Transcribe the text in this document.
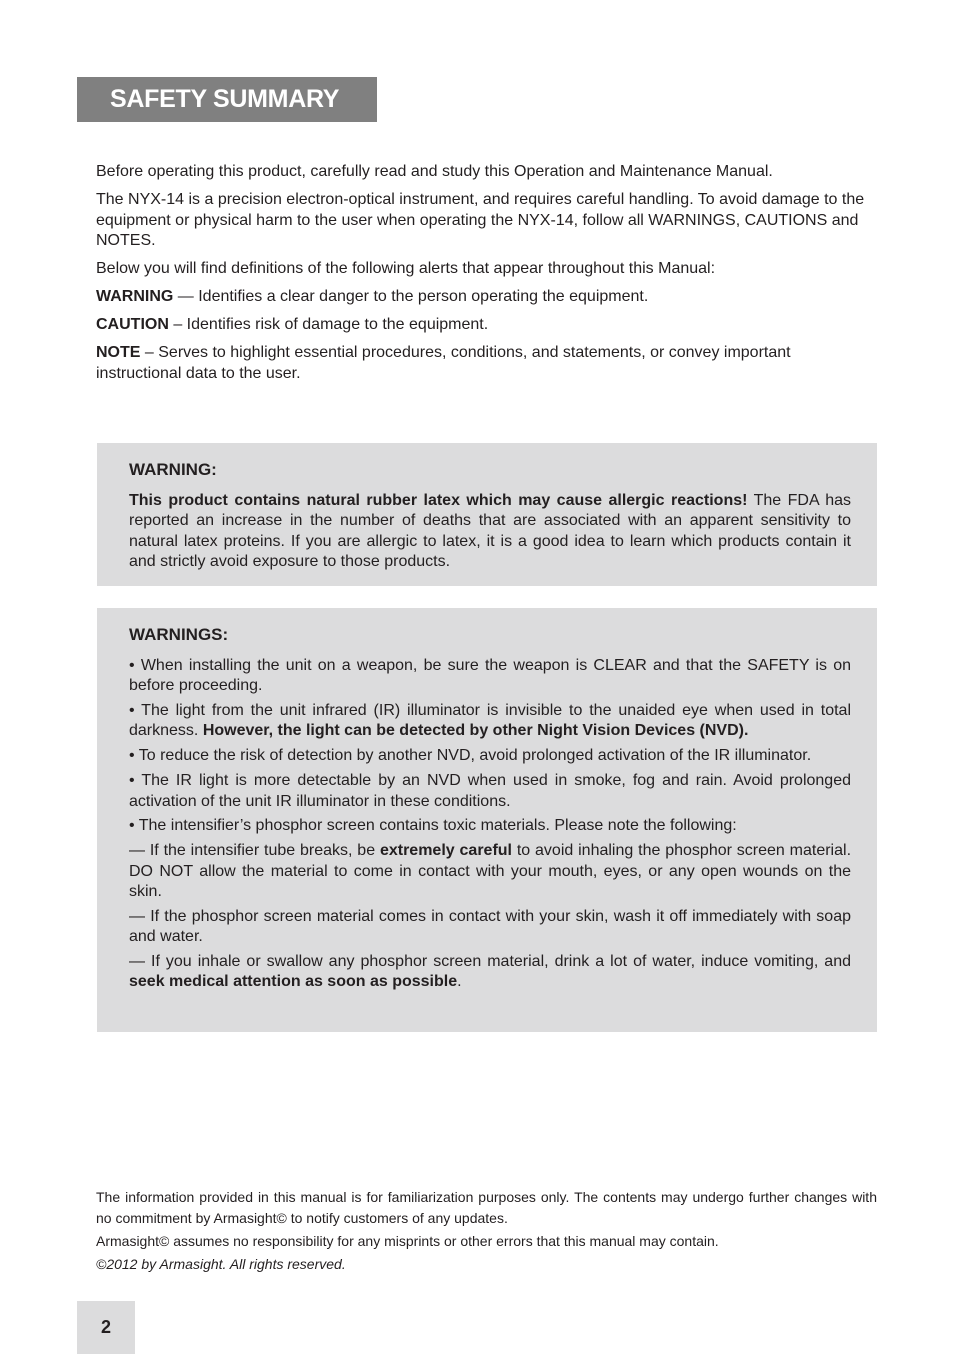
SAFETY SUMMARY

Before operating this product, carefully read and study this Operation and Maintenance Manual.

The NYX-14 is a precision electron-optical instrument, and requires careful handling. To avoid damage to the equipment or physical harm to the user when operating the NYX-14, follow all WARNINGS, CAUTIONS and NOTES.

Below you will find definitions of the following alerts that appear throughout this Manual:

WARNING — Identifies a clear danger to the person operating the equipment.

CAUTION – Identifies risk of damage to the equipment.

NOTE – Serves to highlight essential procedures, conditions, and statements, or convey important instructional data to the user.

WARNING:

This product contains natural rubber latex which may cause allergic reactions! The FDA has reported an increase in the number of deaths that are associated with an apparent sensitivity to natural latex proteins. If you are allergic to latex, it is a good idea to learn which products contain it and strictly avoid exposure to those products.

WARNINGS:

• When installing the unit on a weapon, be sure the weapon is CLEAR and that the SAFETY is on before proceeding.

• The light from the unit infrared (IR) illuminator is invisible to the unaided eye when used in total darkness. However, the light can be detected by other Night Vision Devices (NVD).

• To reduce the risk of detection by another NVD, avoid prolonged activation of the IR illuminator.

• The IR light is more detectable by an NVD when used in smoke, fog and rain. Avoid prolonged activation of the unit IR illuminator in these conditions.

• The intensifier’s phosphor screen contains toxic materials. Please note the following:

— If the intensifier tube breaks, be extremely careful to avoid inhaling the phosphor screen material. DO NOT allow the material to come in contact with your mouth, eyes, or any open wounds on the skin.

— If the phosphor screen material comes in contact with your skin, wash it off immediately with soap and water.

— If you inhale or swallow any phosphor screen material, drink a lot of water, induce vomiting, and seek medical attention as soon as possible.

The information provided in this manual is for familiarization purposes only. The contents may undergo further changes with no commitment by Armasight© to notify customers of any updates.

Armasight© assumes no responsibility for any misprints or other errors that this manual may contain.

©2012 by Armasight. All rights reserved.

2
